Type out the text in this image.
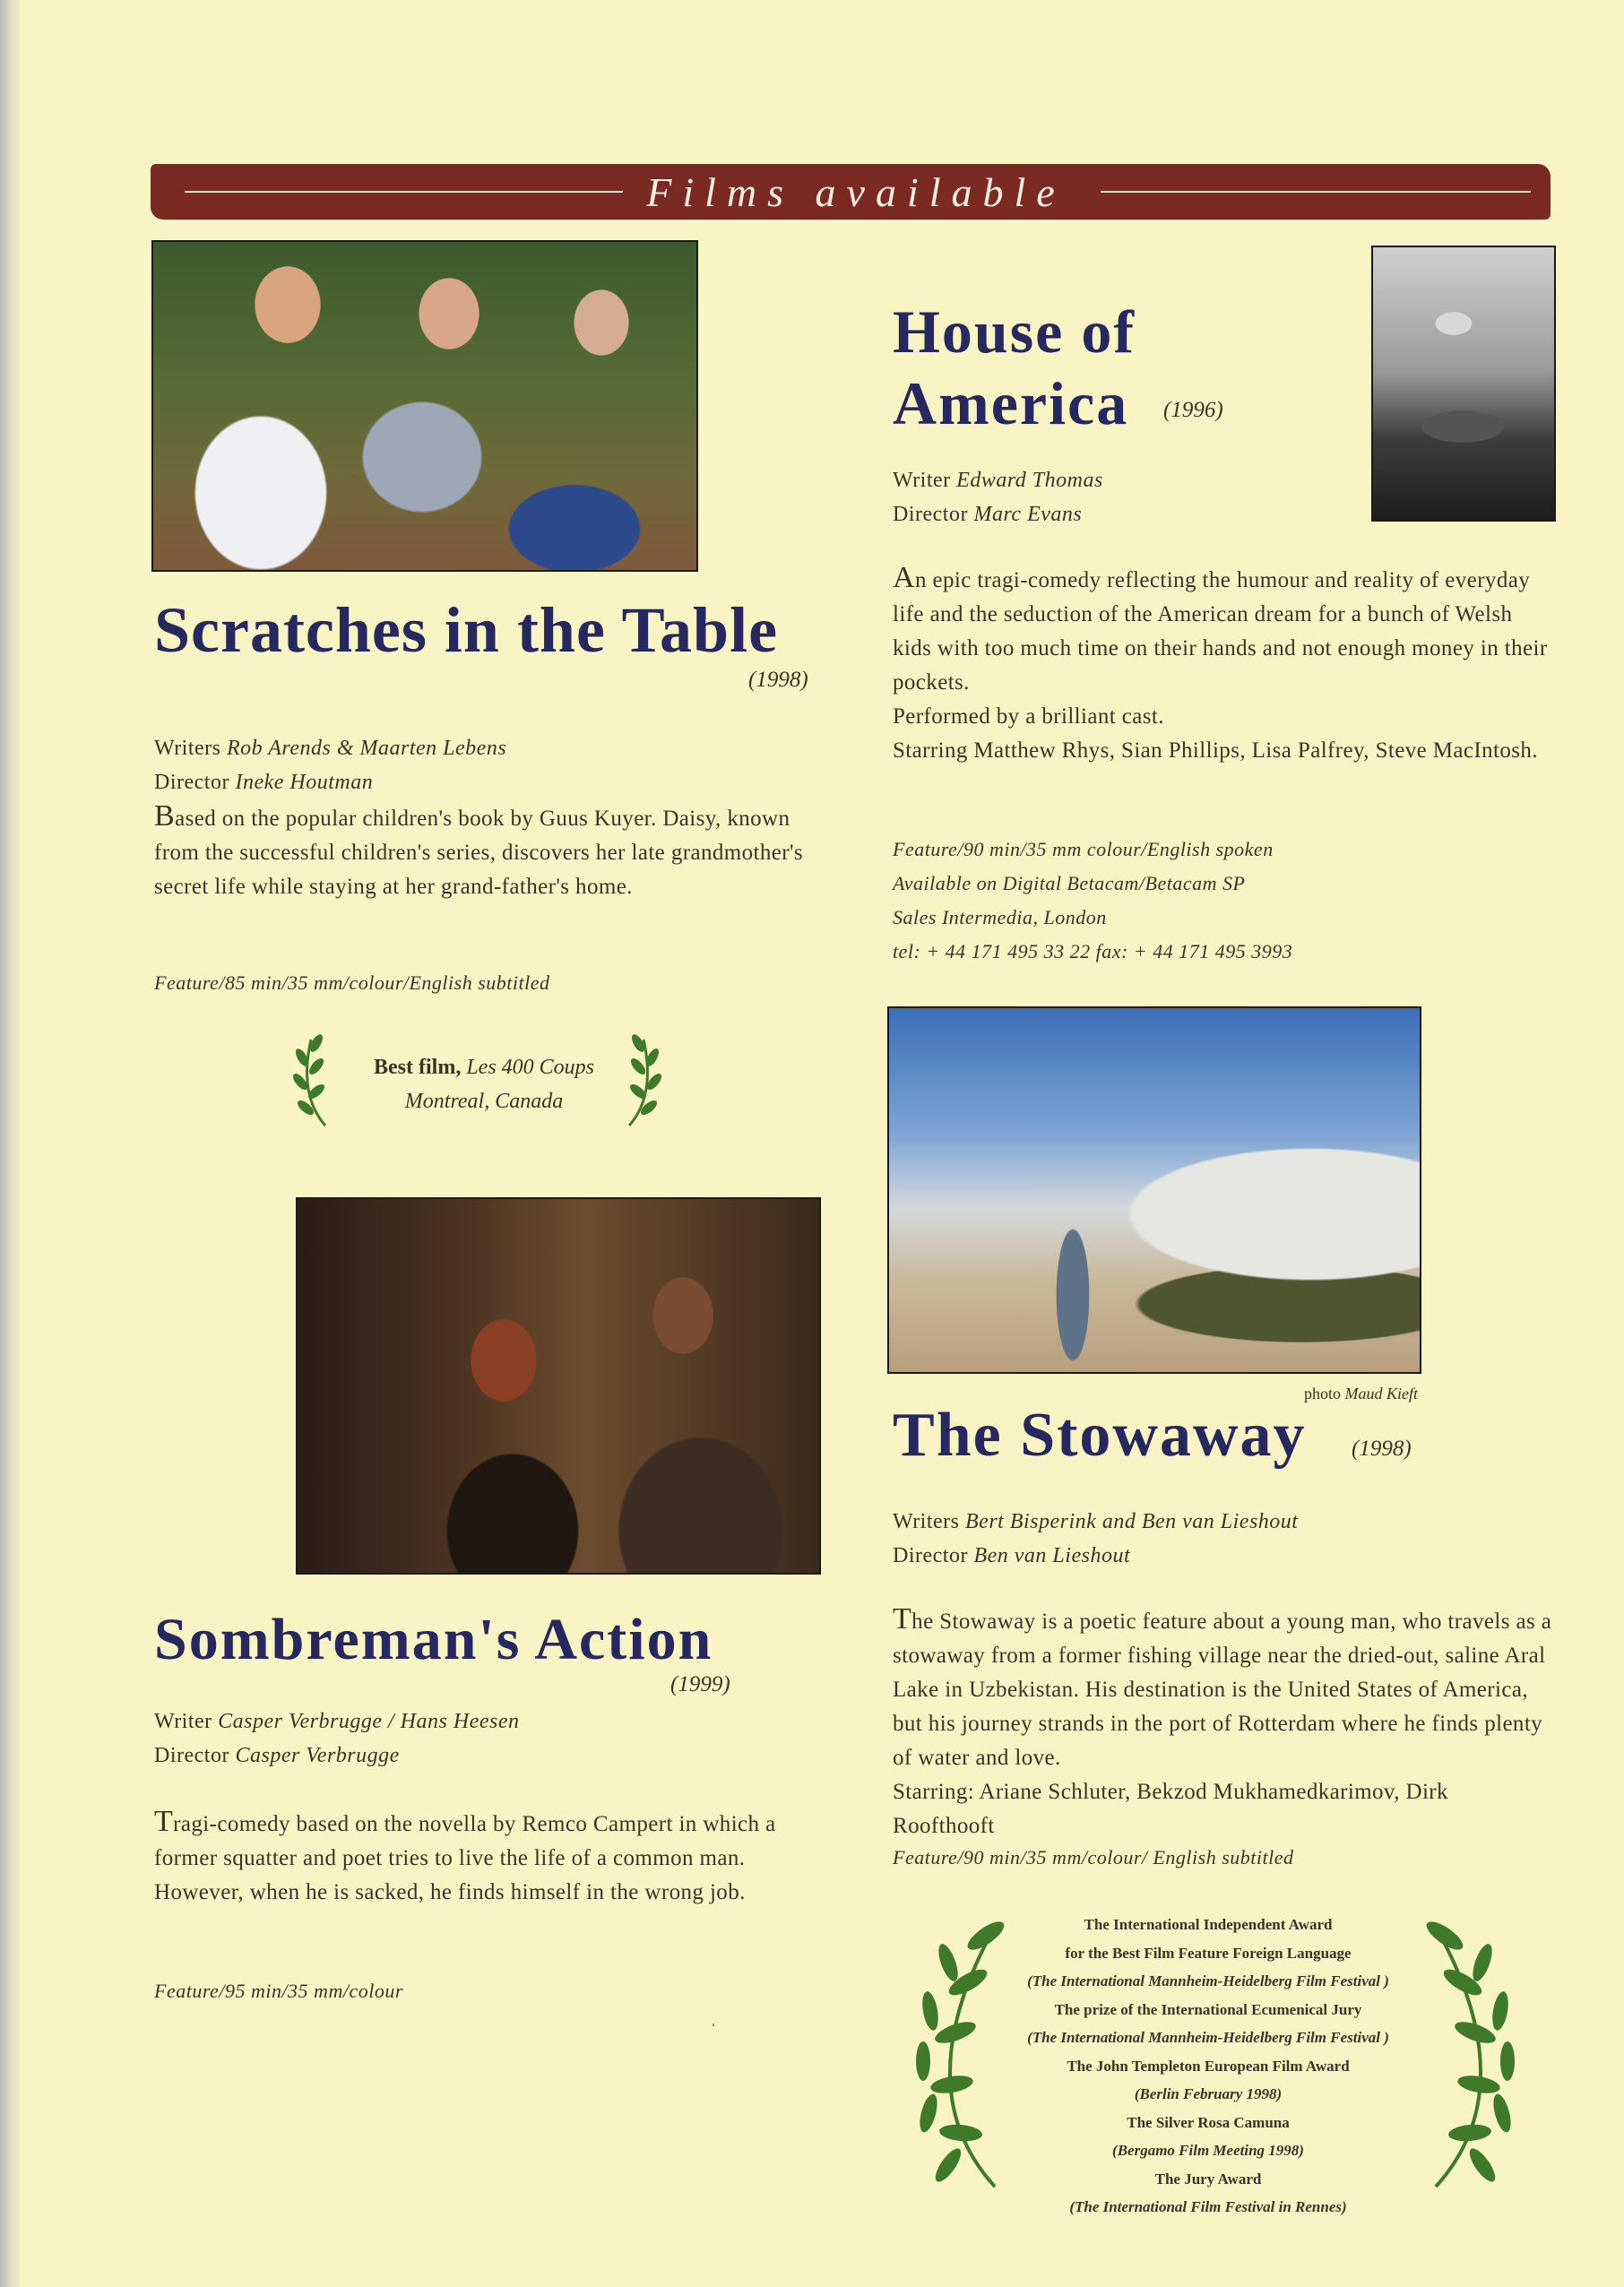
Films available
Scratches in the Table
(1998)
Writers Rob Arends & Maarten Lebens
Director Ineke Houtman
Based on the popular children's book by Guus Kuyer. Daisy, known from the successful children's series, discovers her late grandmother's secret life while staying at her grand-father's home.
Feature/85 min/35 mm/colour/English subtitled
Best film, Les 400 Coups
Montreal, Canada
House of
America	(1996)
Writer Edward Thomas
Director Marc Evans
An epic tragi-comedy reflecting the humour and reality of everyday life and the seduction of the American dream for a bunch of Welsh kids with too much time on their hands and not enough money in their pockets.
Performed by a brilliant cast.
Starring Matthew Rhys, Sian Phillips, Lisa Palfrey, Steve MacIntosh.
Feature/90 min/35 mm colour/English spoken
Available on Digital Betacam/Betacam SP
Sales Intermedia, London
tel: + 44 171 495 33 22 fax: + 44 171 495 3993
photo Maud Kieft
The Stowaway (1998)
Writers Bert Bisperink and Ben van Lieshout
Director Ben van Lieshout
The Stowaway is a poetic feature about a young man, who travels as a stowaway from a former fishing village near the dried-out, saline Aral Lake in Uzbekistan. His destination is the United States of America, but his journey strands in the port of Rotterdam where he finds plenty of water and love.
Starring: Ariane Schluter, Bekzod Mukhamedkarimov, Dirk Roofthooft
Feature/90 min/35 mm/colour/ English subtitled
The International Independent Award
for the Best Film Feature Foreign Language
(The International Mannheim-Heidelberg Film Festival )
The prize of the International Ecumenical Jury
(The International Mannheim-Heidelberg Film Festival )
The John Templeton European Film Award
(Berlin February 1998)
The Silver Rosa Camuna
(Bergamo Film Meeting 1998)
The Jury Award
(The International Film Festival in Rennes)
Sombreman's Action
(1999)
Writer Casper Verbrugge / Hans Heesen
Director Casper Verbrugge
Tragi-comedy based on the novella by Remco Campert in which a former squatter and poet tries to live the life of a common man. However, when he is sacked, he finds himself in the wrong job.
Feature/95 min/35 mm/colour
